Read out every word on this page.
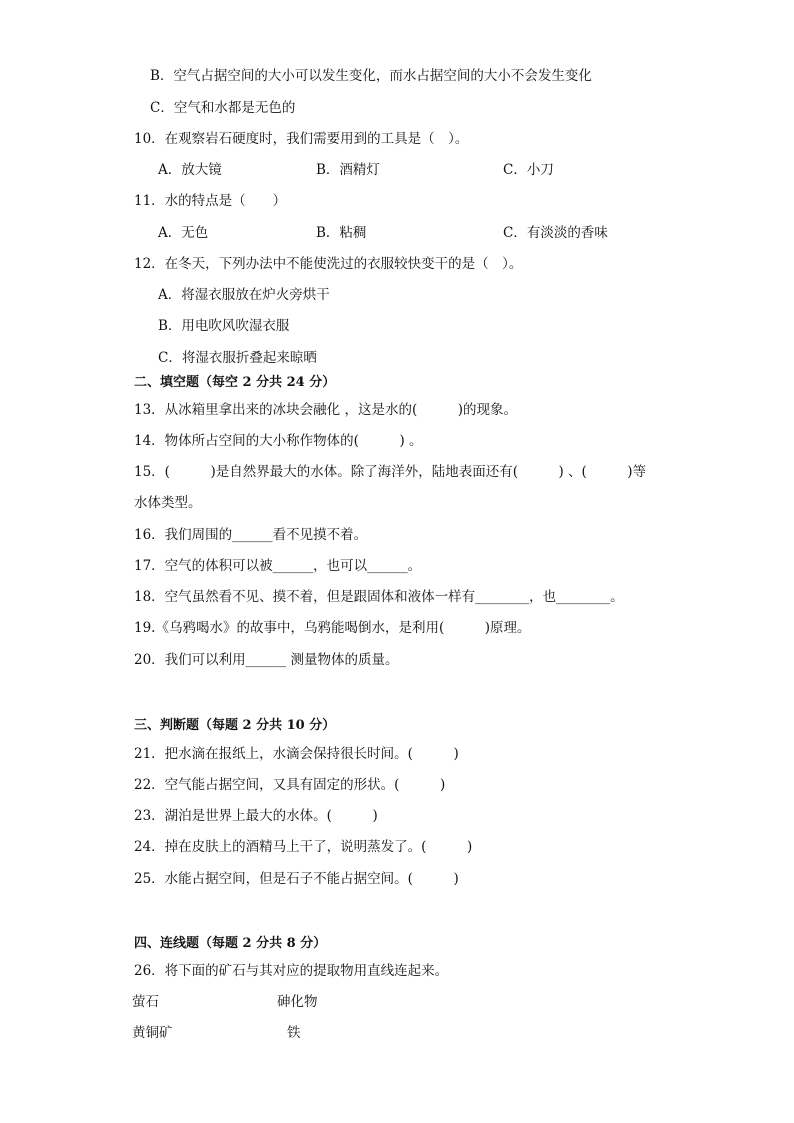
B．空气占据空间的大小可以发生变化，而水占据空间的大小不会发生变化
C．空气和水都是无色的
10．在观察岩石硬度时，我们需要用到的工具是（　）。
A．放大镜	B．酒精灯	C．小刀
11．水的特点是（　　）
A．无色	B．粘稠	C．有淡淡的香味
12．在冬天，下列办法中不能使洗过的衣服较快变干的是（　）。
A．将湿衣服放在炉火旁烘干
B．用电吹风吹湿衣服
C．将湿衣服折叠起来晾晒
二、填空题（每空 2 分共 24 分）
13．从冰箱里拿出来的冰块会融化 ，这是水的(　　　)的现象。
14．物体所占空间的大小称作物体的(　　　) 。
15．(　　　)是自然界最大的水体。除了海洋外，陆地表面还有(　　　) 、(　　　)等
水体类型。
16．我们周围的______看不见摸不着。
17．空气的体积可以被______，也可以______。
18．空气虽然看不见、摸不着，但是跟固体和液体一样有________，也________。
19.《乌鸦喝水》的故事中，乌鸦能喝倒水，是利用(　　　)原理。
20．我们可以利用______ 测量物体的质量。
三、判断题（每题 2 分共 10 分）
21．把水滴在报纸上，水滴会保持很长时间。(　　　)
22．空气能占据空间，又具有固定的形状。(　　　)
23．湖泊是世界上最大的水体。(　　　)
24．掉在皮肤上的酒精马上干了，说明蒸发了。(　　　)
25．水能占据空间，但是石子不能占据空间。(　　　)
四、连线题（每题 2 分共 8 分）
26．将下面的矿石与其对应的提取物用直线连起来。
萤石	砷化物
黄铜矿	铁
